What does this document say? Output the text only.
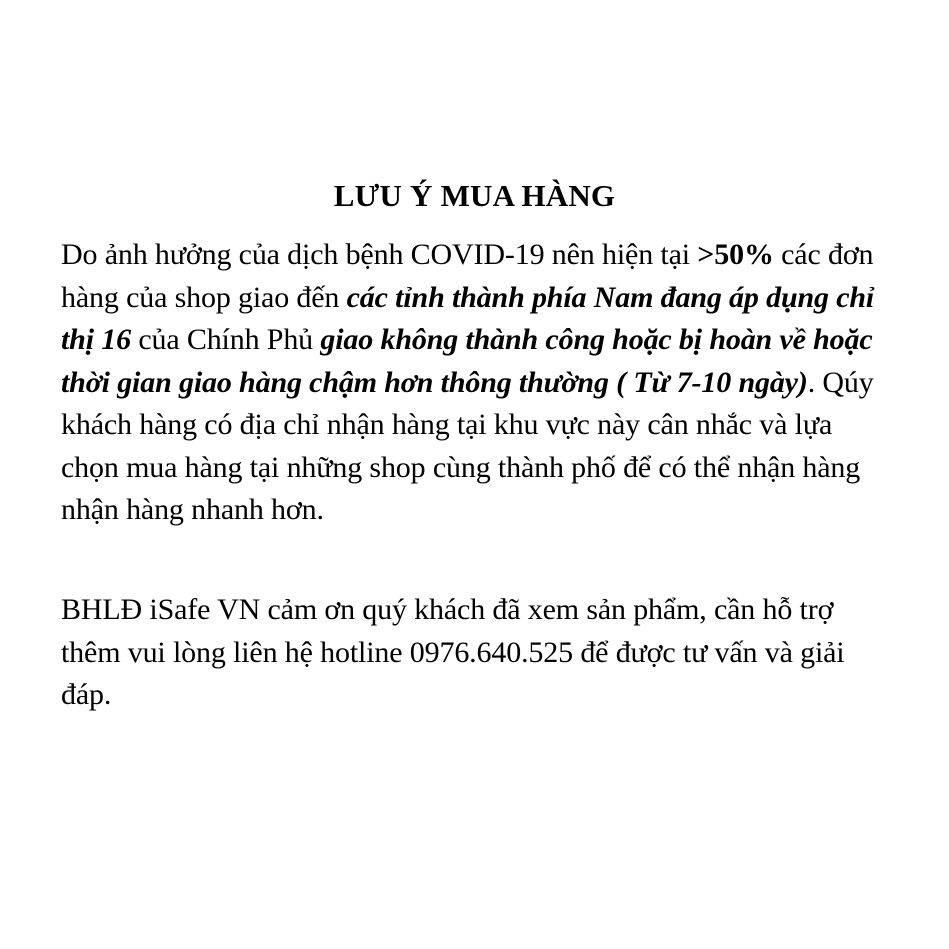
LƯU Ý MUA HÀNG

Do ảnh hưởng của dịch bệnh COVID-19 nên hiện tại >50% các đơn hàng của shop giao đến các tỉnh thành phía Nam đang áp dụng chỉ thị 16 của Chính Phủ giao không thành công hoặc bị hoàn về hoặc thời gian giao hàng chậm hơn thông thường ( Từ 7-10 ngày). Qúy khách hàng có địa chỉ nhận hàng tại khu vực này cân nhắc và lựa chọn mua hàng tại những shop cùng thành phố để có thể nhận hàng nhận hàng nhanh hơn.

BHLĐ iSafe VN cảm ơn quý khách đã xem sản phẩm, cần hỗ trợ thêm vui lòng liên hệ hotline 0976.640.525 để được tư vấn và giải đáp.
